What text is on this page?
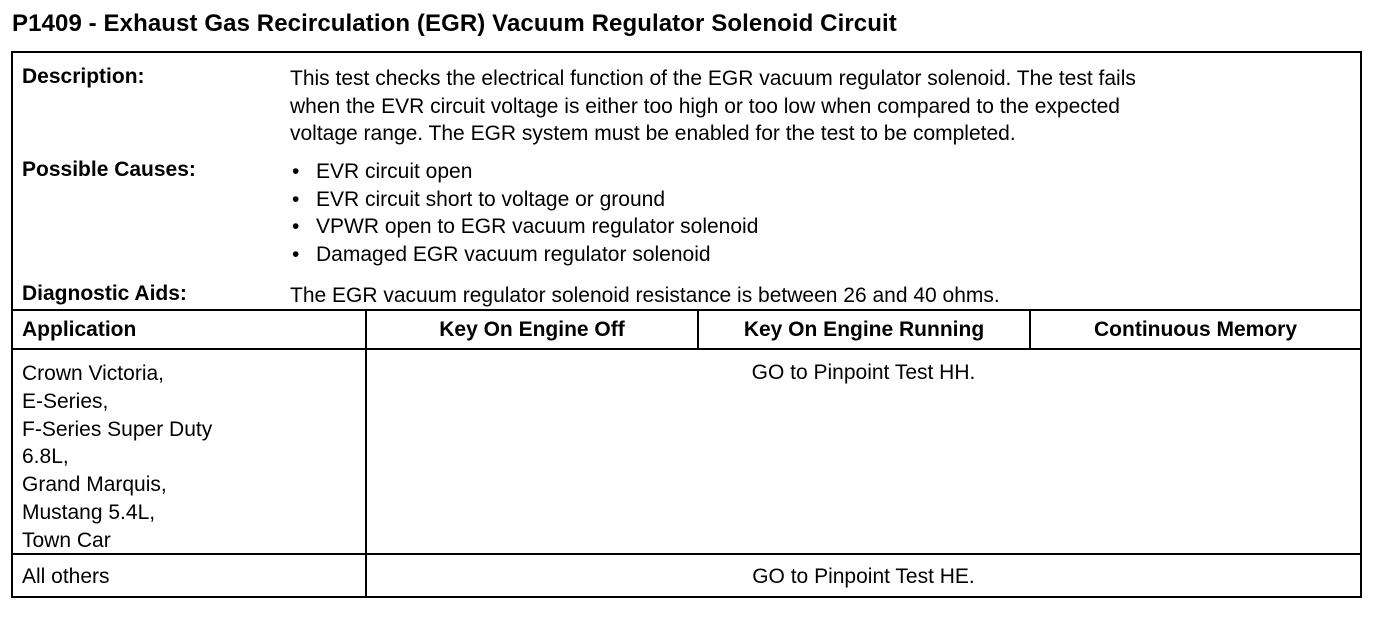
P1409 - Exhaust Gas Recirculation (EGR) Vacuum Regulator Solenoid Circuit
Description:	This test checks the electrical function of the EGR vacuum regulator solenoid. The test fails
when the EVR circuit voltage is either too high or too low when compared to the expected
voltage range. The EGR system must be enabled for the test to be completed.
Possible Causes:
•	EVR circuit open
• EVR circuit short to voltage or ground
• VPWR open to EGR vacuum regulator solenoid
• Damaged EGR vacuum regulator solenoid
Diagnostic Aids:	The EGR vacuum regulator solenoid resistance is between 26 and 40 ohms.
Application	Key On Engine Off	Key On Engine Running	Continuous Memory
Crown Victoria,
E-Series,
F-Series Super Duty
6.8L,
Grand Marquis,
Mustang 5.4L,
Town Car
GO to Pinpoint Test HH.
All others	GO to Pinpoint Test HE.
